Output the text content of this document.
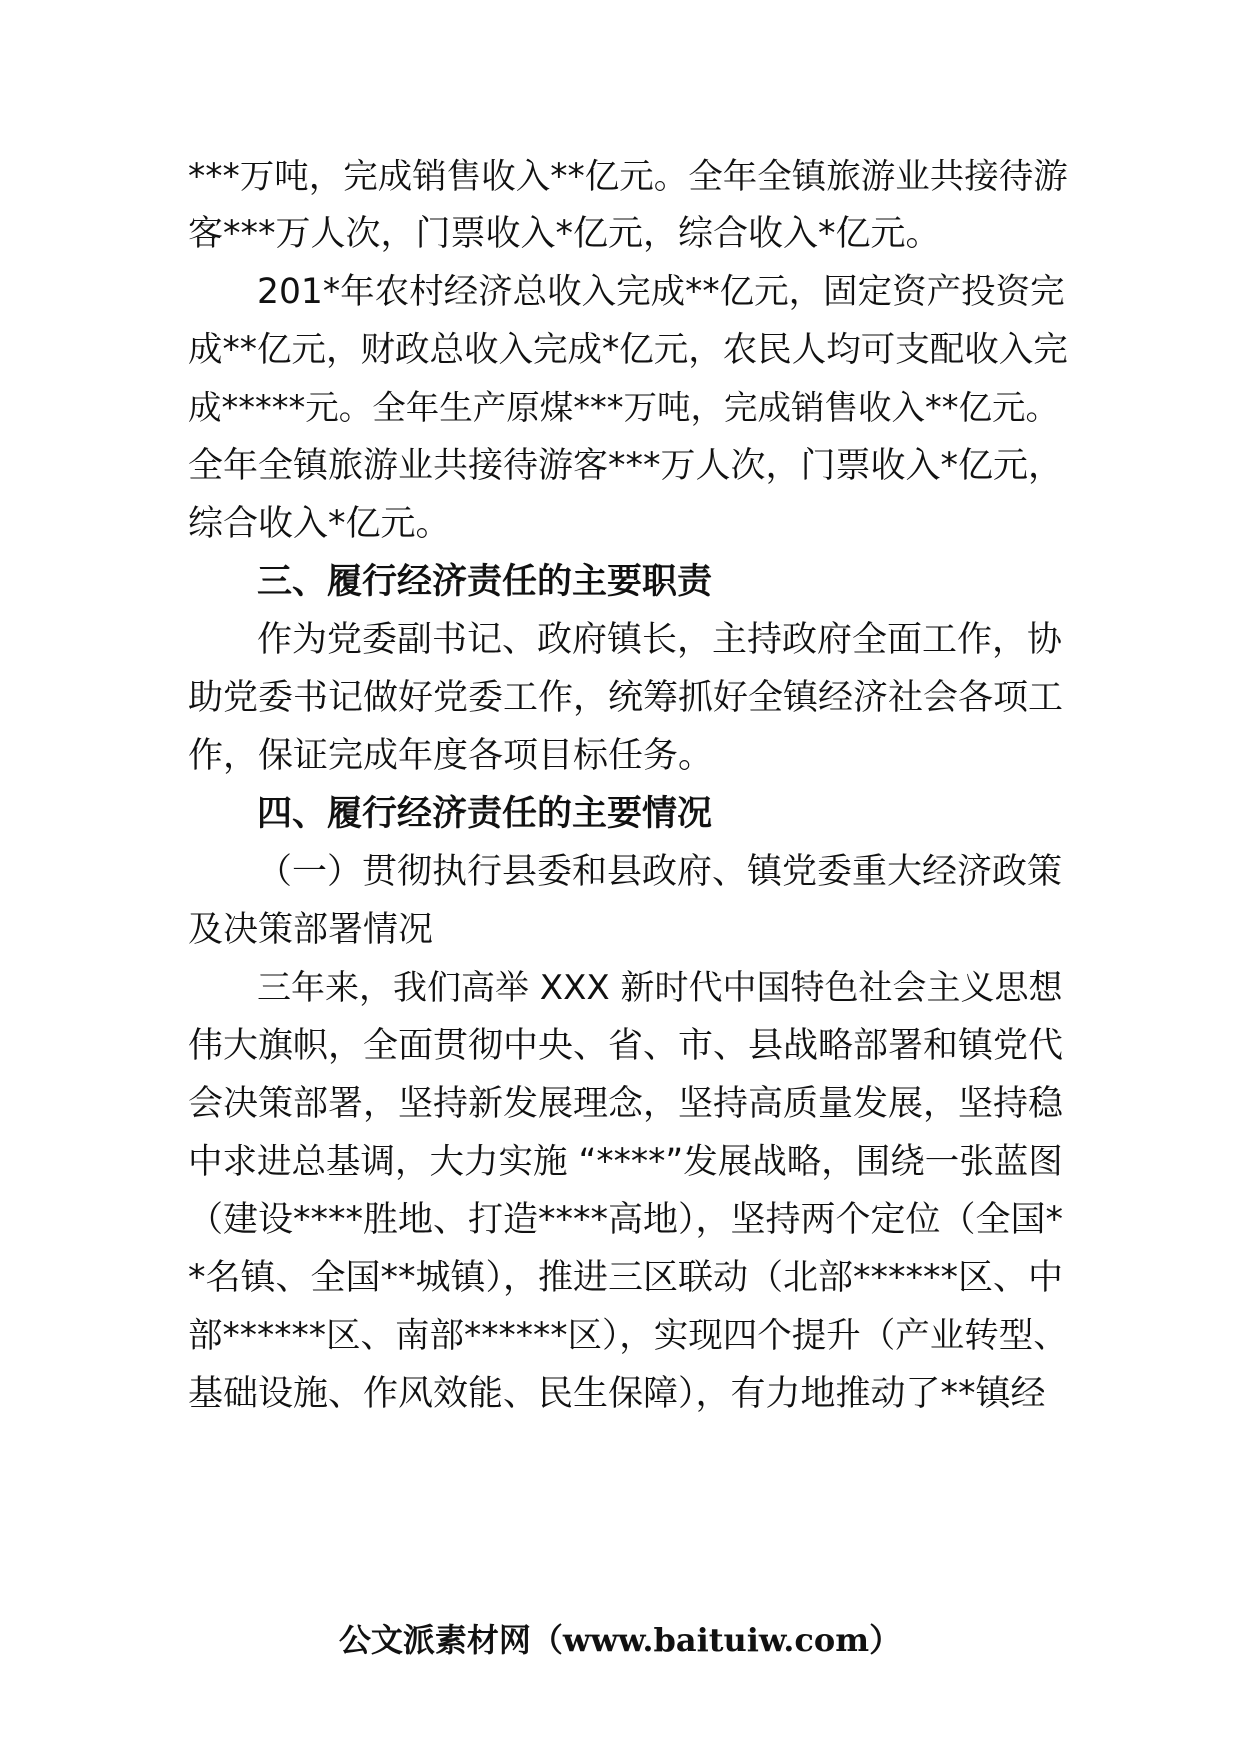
***万吨，完成销售收入**亿元。全年全镇旅游业共接待游
客***万人次，门票收入*亿元，综合收入*亿元。
201*年农村经济总收入完成**亿元，固定资产投资完
成**亿元，财政总收入完成*亿元，农民人均可支配收入完
成*****元。全年生产原煤***万吨，完成销售收入**亿元。
全年全镇旅游业共接待游客***万人次，门票收入*亿元，
综合收入*亿元。
三、履行经济责任的主要职责
作为党委副书记、政府镇长，主持政府全面工作，协
助党委书记做好党委工作，统筹抓好全镇经济社会各项工
作，保证完成年度各项目标任务。
四、履行经济责任的主要情况
（一）贯彻执行县委和县政府、镇党委重大经济政策
及决策部署情况
三年来，我们高举 XXX 新时代中国特色社会主义思想
伟大旗帜，全面贯彻中央、省、市、县战略部署和镇党代
会决策部署，坚持新发展理念，坚持高质量发展，坚持稳
中求进总基调，大力实施 “****”发展战略，围绕一张蓝图
（建设****胜地、打造****高地），坚持两个定位（全国*
*名镇、全国**城镇），推进三区联动（北部******区、中
部******区、南部******区），实现四个提升（产业转型、
基础设施、作风效能、民生保障），有力地推动了**镇经
公文派素材网（www.baituiw.com）
